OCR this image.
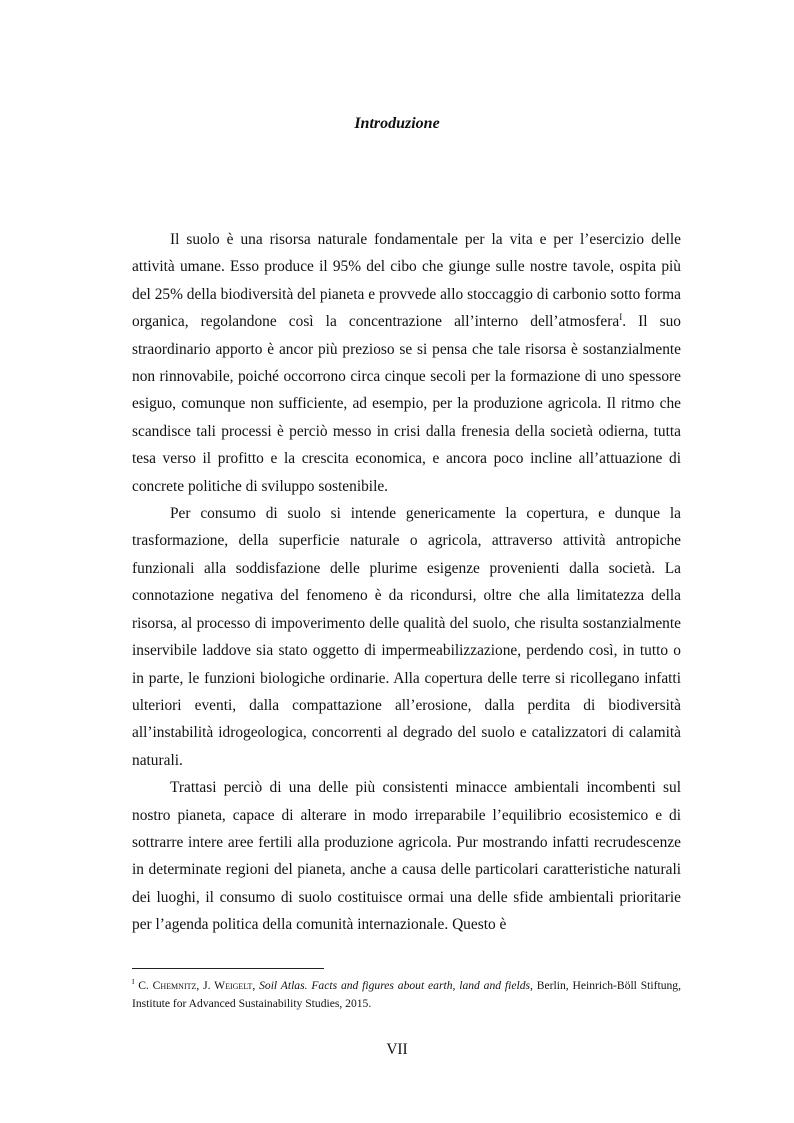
Introduzione

Il suolo è una risorsa naturale fondamentale per la vita e per l’esercizio delle attività umane. Esso produce il 95% del cibo che giunge sulle nostre tavole, ospita più del 25% della biodiversità del pianeta e provvede allo stoccaggio di carbonio sotto forma organica, regolandone così la concentrazione all’interno dell’atmosfera$^I$. Il suo straordinario apporto è ancor più prezioso se si pensa che tale risorsa è sostanzialmente non rinnovabile, poiché occorrono circa cinque secoli per la formazione di uno spessore esiguo, comunque non sufficiente, ad esempio, per la produzione agricola. Il ritmo che scandisce tali processi è perciò messo in crisi dalla frenesia della società odierna, tutta tesa verso il profitto e la crescita economica, e ancora poco incline all’attuazione di concrete politiche di sviluppo sostenibile.

Per consumo di suolo si intende genericamente la copertura, e dunque la trasformazione, della superficie naturale o agricola, attraverso attività antropiche funzionali alla soddisfazione delle plurime esigenze provenienti dalla società. La connotazione negativa del fenomeno è da ricondursi, oltre che alla limitatezza della risorsa, al processo di impoverimento delle qualità del suolo, che risulta sostanzialmente inservibile laddove sia stato oggetto di impermeabilizzazione, perdendo così, in tutto o in parte, le funzioni biologiche ordinarie. Alla copertura delle terre si ricollegano infatti ulteriori eventi, dalla compattazione all’erosione, dalla perdita di biodiversità all’instabilità idrogeologica, concorrenti al degrado del suolo e catalizzatori di calamità naturali.

Trattasi perciò di una delle più consistenti minacce ambientali incombenti sul nostro pianeta, capace di alterare in modo irreparabile l’equilibrio ecosistemico e di sottrarre intere aree fertili alla produzione agricola. Pur mostrando infatti recrudescenze in determinate regioni del pianeta, anche a causa delle particolari caratteristiche naturali dei luoghi, il consumo di suolo costituisce ormai una delle sfide ambientali prioritarie per l’agenda politica della comunità internazionale. Questo è

$^I$ C. Chemnitz, J. Weigelt, Soil Atlas. Facts and figures about earth, land and fields, Berlin, Heinrich-Böll Stiftung, Institute for Advanced Sustainability Studies, 2015.
VII
